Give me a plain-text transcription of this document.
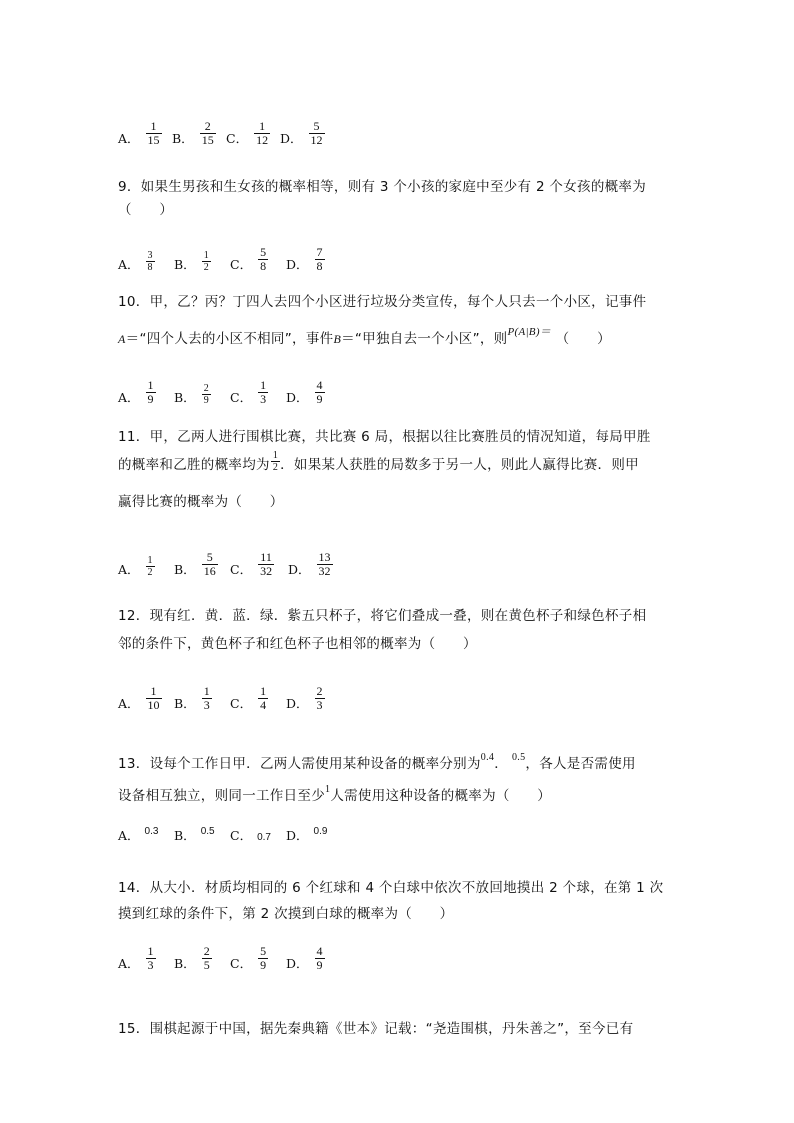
A． $\frac{1}{15}$ B． $\frac{2}{15}$ C． $\frac{1}{12}$ D． $\frac{5}{12}$
9．如果生男孩和生女孩的概率相等，则有 3 个小孩的家庭中至少有 2 个女孩的概率为
（　　）
A． $\frac{3}{8}$ B． $\frac{1}{2}$ C． $\frac{5}{8}$ D． $\frac{7}{8}$
10．甲，乙？丙？丁四人去四个小区进行垃圾分类宣传，每个人只去一个小区，记事件
A＝“四个人去的小区不相同”，事件B＝“甲独自去一个小区”，则$^{P(A|B)=}$ （　　）
A． $\frac{1}{9}$ B． $\frac{2}{9}$ C． $\frac{1}{3}$ D． $\frac{4}{9}$
11．甲，乙两人进行围棋比赛，共比赛 6 局，根据以往比赛胜员的情况知道，每局甲胜
的概率和乙胜的概率均为 $\frac{1}{2}$ ．如果某人获胜的局数多于另一人，则此人赢得比赛．则甲
赢得比赛的概率为（　　）
A． $\frac{1}{2}$ B． $\frac{5}{16}$ C． $\frac{11}{32}$ D． $\frac{13}{32}$
12．现有红．黄．蓝．绿．紫五只杯子，将它们叠成一叠，则在黄色杯子和绿色杯子相
邻的条件下，黄色杯子和红色杯子也相邻的概率为（　　）
A． $\frac{1}{10}$ B． $\frac{1}{3}$ C． $\frac{1}{4}$ D． $\frac{2}{3}$
13．设每个工作日甲．乙两人需使用某种设备的概率分别为$^{0.4}$． $^{0.5}$，各人是否需使用
设备相互独立，则同一工作日至少$^1$人需使用这种设备的概率为（　　）
A． $^{0.3}$ B． $^{0.5}$ C． 0.7 D． $^{0.9}$
14．从大小．材质均相同的 6 个红球和 4 个白球中依次不放回地摸出 2 个球，在第 1 次
摸到红球的条件下，第 2 次摸到白球的概率为（　　）
A． $\frac{1}{3}$ B． $\frac{2}{5}$ C． $\frac{5}{9}$ D． $\frac{4}{9}$
15．围棋起源于中国，据先秦典籍《世本》记载：“尧造围棋，丹朱善之”，至今已有
